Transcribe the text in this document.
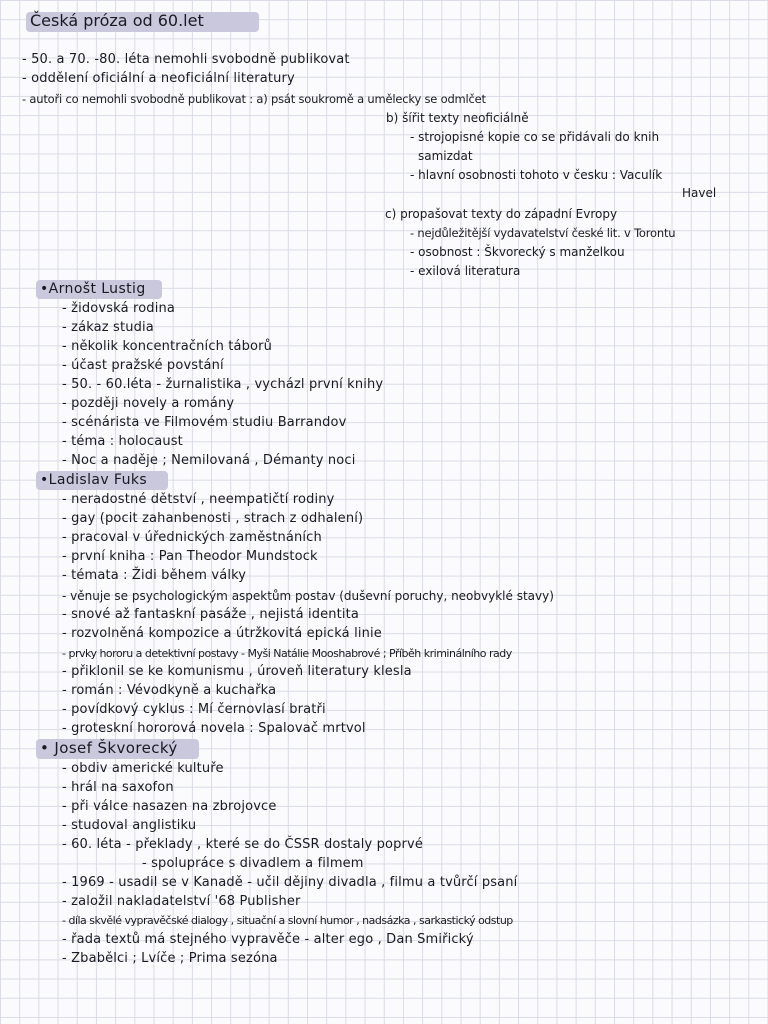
Česká próza od 60.let
- 50. a 70. -80. léta nemohli svobodně publikovat
- oddělení oficiální a neoficiální literatury
- autoři co nemohli svobodně publikovat : a) psát soukromě a umělecky se odmlčet
b) šířit texty neoficiálně
- strojopisné kopie co se přidávali do knih
samizdat
- hlavní osobnosti tohoto v česku : Vaculík
Havel
c) propašovat texty do západní Evropy
- nejdůležitější vydavatelství české lit. v Torontu
- osobnost : Škvorecký s manželkou
- exilová literatura
•Arnošt Lustig
- židovská rodina
- zákaz studia
- několik koncentračních táborů
- účast pražské povstání
- 50. - 60.léta - žurnalistika , vycházl první knihy
- později novely a romány
- scénárista ve Filmovém studiu Barrandov
- téma : holocaust
- Noc a naděje ; Nemilovaná , Démanty noci
•Ladislav Fuks
- neradostné dětství , neempatičtí rodiny
- gay (pocit zahanbenosti , strach z odhalení)
- pracoval v úřednických zaměstnáních
- první kniha : Pan Theodor Mundstock
- témata : Židi během války
- věnuje se psychologickým aspektům postav (duševní poruchy, neobvyklé stavy)
- snové až fantaskní pasáže , nejistá identita
- rozvolněná kompozice a útržkovitá epická linie
- prvky hororu a detektivní postavy - Myši Natálie Mooshabrové ; Příběh kriminálního rady
- přiklonil se ke komunismu , úroveň literatury klesla
- román : Vévodkyně a kuchařka
- povídkový cyklus : Mí černovlasí bratři
- groteskní hororová novela : Spalovač mrtvol
• Josef Škvorecký
- obdiv americké kultuře
- hrál na saxofon
- při válce nasazen na zbrojovce
- studoval anglistiku
- 60. léta - překlady , které se do ČSSR dostaly poprvé
- spolupráce s divadlem a filmem
- 1969 - usadil se v Kanadě - učil dějiny divadla , filmu a tvůrčí psaní
- založil nakladatelství '68 Publisher
- díla skvělé vypravěčské dialogy , situační a slovní humor , nadsázka , sarkastický odstup
- řada textů má stejného vypravěče - alter ego , Dan Smiřický
- Zbabělci ; Lvíče ; Prima sezóna
